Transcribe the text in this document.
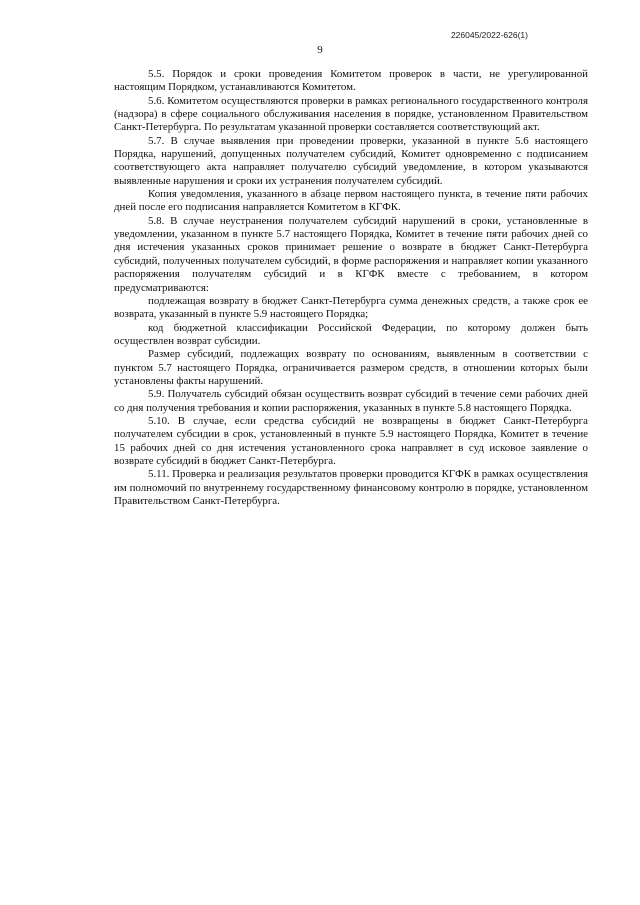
226045/2022-626(1)
9

5.5. Порядок и сроки проведения Комитетом проверок в части, не урегулированной настоящим Порядком, устанавливаются Комитетом.

5.6. Комитетом осуществляются проверки в рамках регионального государственного контроля (надзора) в сфере социального обслуживания населения в порядке, установленном Правительством Санкт-Петербурга. По результатам указанной проверки составляется соответствующий акт.

5.7. В случае выявления при проведении проверки, указанной в пункте 5.6 настоящего Порядка, нарушений, допущенных получателем субсидий, Комитет одновременно с подписанием соответствующего акта направляет получателю субсидий уведомление, в котором указываются выявленные нарушения и сроки их устранения получателем субсидий.

Копия уведомления, указанного в абзаце первом настоящего пункта, в течение пяти рабочих дней после его подписания направляется Комитетом в КГФК.

5.8. В случае неустранения получателем субсидий нарушений в сроки, установленные в уведомлении, указанном в пункте 5.7 настоящего Порядка, Комитет в течение пяти рабочих дней со дня истечения указанных сроков принимает решение о возврате в бюджет Санкт-Петербурга субсидий, полученных получателем субсидий, в форме распоряжения и направляет копии указанного распоряжения получателям субсидий и в КГФК вместе с требованием, в котором предусматриваются:

подлежащая возврату в бюджет Санкт-Петербурга сумма денежных средств, а также срок ее возврата, указанный в пункте 5.9 настоящего Порядка;

код бюджетной классификации Российской Федерации, по которому должен быть осуществлен возврат субсидии.

Размер субсидий, подлежащих возврату по основаниям, выявленным в соответствии с пунктом 5.7 настоящего Порядка, ограничивается размером средств, в отношении которых были установлены факты нарушений.

5.9. Получатель субсидий обязан осуществить возврат субсидий в течение семи рабочих дней со дня получения требования и копии распоряжения, указанных в пункте 5.8 настоящего Порядка.

5.10. В случае, если средства субсидий не возвращены в бюджет Санкт-Петербурга получателем субсидии в срок, установленный в пункте 5.9 настоящего Порядка, Комитет в течение 15 рабочих дней со дня истечения установленного срока направляет в суд исковое заявление о возврате субсидий в бюджет Санкт-Петербурга.

5.11. Проверка и реализация результатов проверки проводится КГФК в рамках осуществления им полномочий по внутреннему государственному финансовому контролю в порядке, установленном Правительством Санкт-Петербурга.
